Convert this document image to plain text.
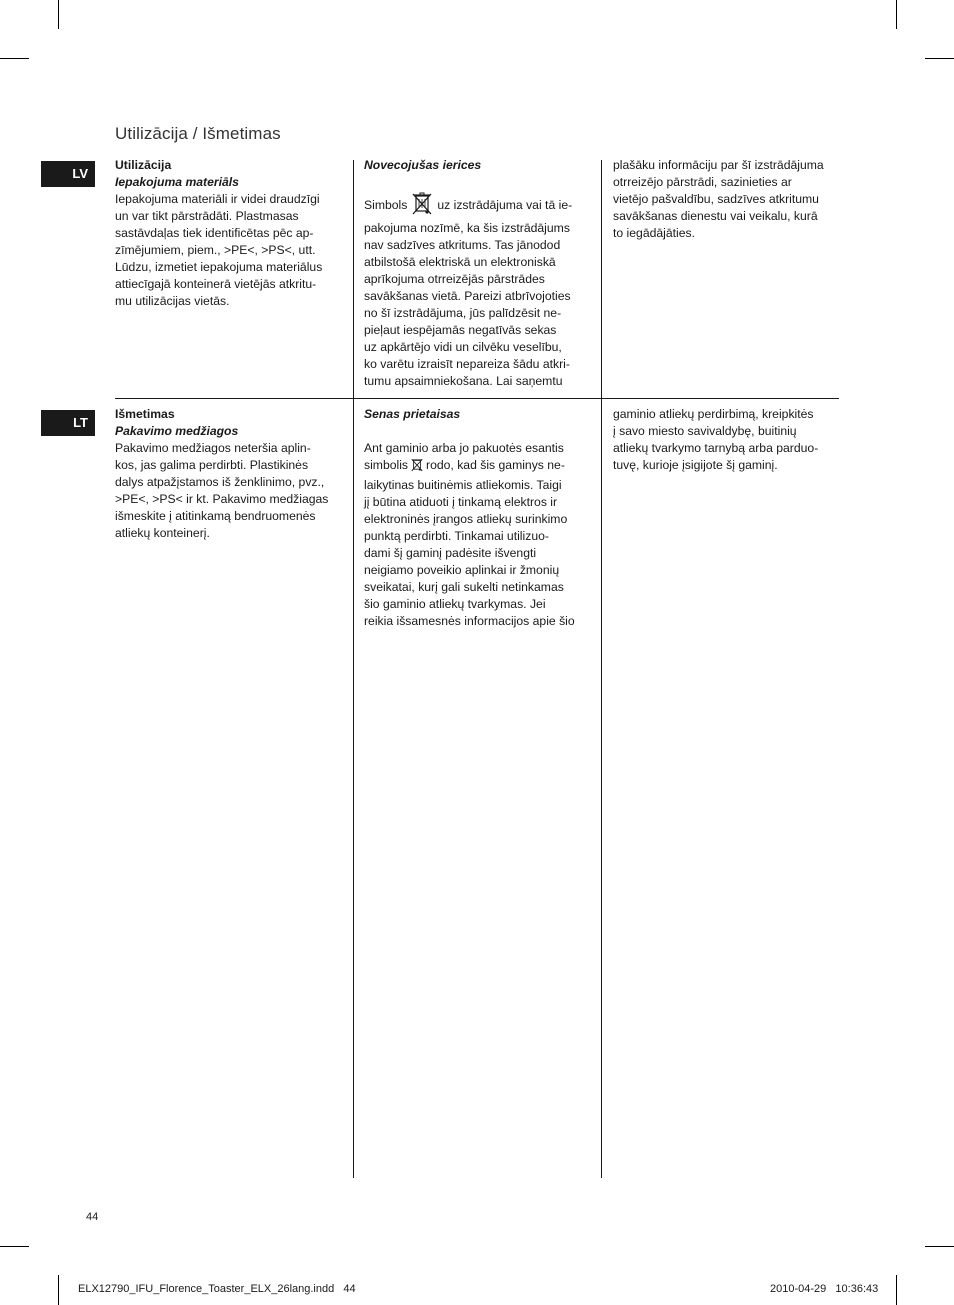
Utilizācija / Išmetimas
LV
Utilizācija
Iepakojuma materiāls
Iepakojuma materiāli ir videi draudzīgi
un var tikt pārstrādāti. Plastmasas
sastāvdaļas tiek identificētas pēc ap-
zīmējumiem, piem., >PE<, >PS<, utt.
Lūdzu, izmetiet iepakojuma materiālus
attiecīgajā konteinerā vietējās atkritu-
mu utilizācijas vietās.
Novecojušas ierices
Simbols uz izstrādājuma vai tā ie-
pakojuma nozīmē, ka šis izstrādājums
nav sadzīves atkritums. Tas jānodod
atbilstošā elektriskā un elektroniskā
aprīkojuma otrreizējās pārstrādes
savākšanas vietā. Pareizi atbrīvojoties
no šī izstrādājuma, jūs palīdzēsit ne-
pieļaut iespējamās negatīvās sekas
uz apkārtējo vidi un cilvēku veselību,
ko varētu izraisīt nepareiza šādu atkri-
tumu apsaimniekošana. Lai saņemtu
plašāku informāciju par šī izstrādājuma
otrreizējo pārstrādi, sazinieties ar
vietējo pašvaldību, sadzīves atkritumu
savākšanas dienestu vai veikalu, kurā
to iegādājāties.
LT
Išmetimas
Pakavimo medžiagos
Pakavimo medžiagos neteršia aplin-
kos, jas galima perdirbti. Plastikinės
dalys atpažįstamos iš ženklinimo, pvz.,
>PE<, >PS< ir kt. Pakavimo medžiagas
išmeskite į atitinkamą bendruomenės
atliekų konteinerį.
Senas prietaisas
Ant gaminio arba jo pakuotės esantis
simbolis rodo, kad šis gaminys ne-
laikytinas buitinėmis atliekomis. Taigi
jį būtina atiduoti į tinkamą elektros ir
elektroninės įrangos atliekų surinkimo
punktą perdirbti. Tinkamai utilizuo-
dami šį gaminį padėsite išvengti
neigiamo poveikio aplinkai ir žmonių
sveikatai, kurį gali sukelti netinkamas
šio gaminio atliekų tvarkymas. Jei
reikia išsamesnės informacijos apie šio
gaminio atliekų perdirbimą, kreipkitės
į savo miesto savivaldybę, buitinių
atliekų tvarkymo tarnybą arba parduo-
tuvę, kurioje įsigijote šį gaminį.
44
ELX12790_IFU_Florence_Toaster_ELX_26lang.indd   44	2010-04-29   10:36:43
